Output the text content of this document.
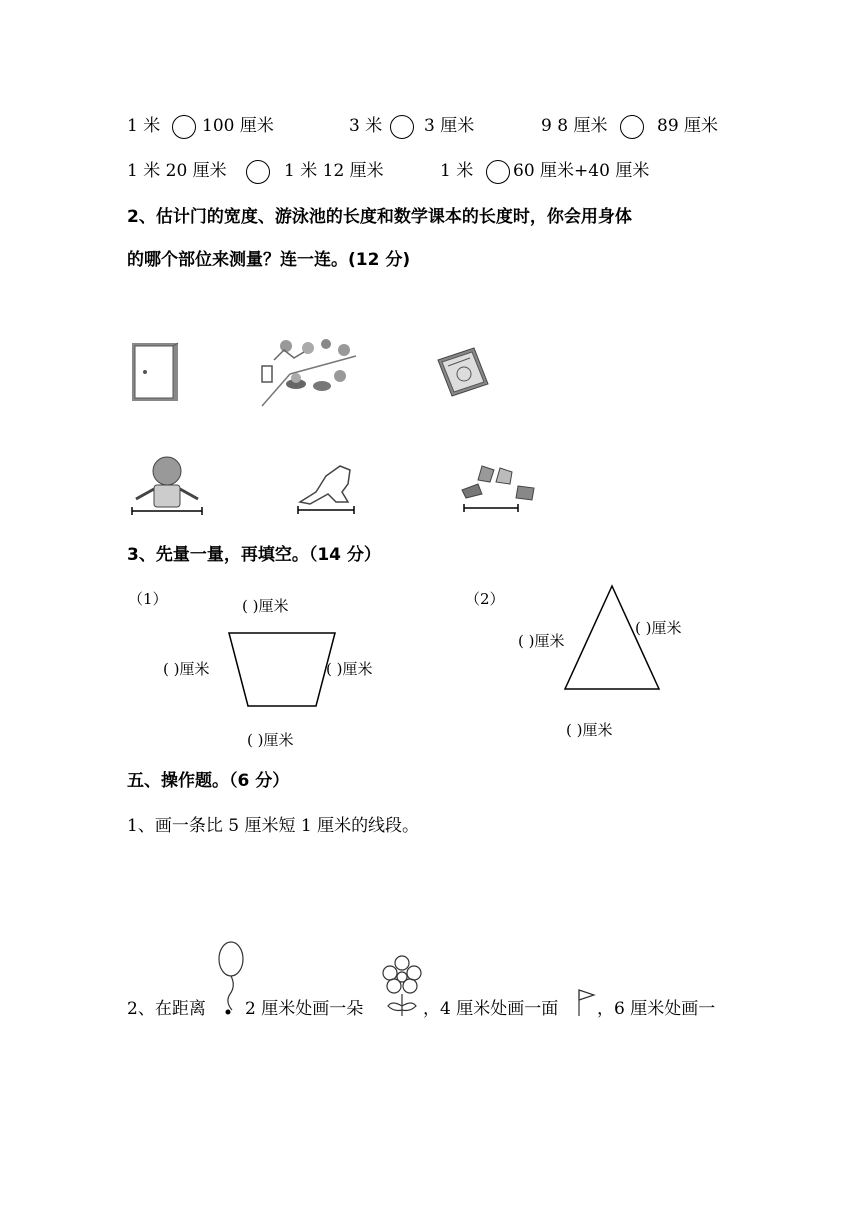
1 米 100 厘米	3 米 3 厘米	9 8 厘米	89 厘米
1 米 20 厘米	1 米 12 厘米	1 米 60 厘米+40 厘米
2、估计门的宽度、游泳池的长度和数学课本的长度时，你会用身体
的哪个部位来测量？连一连。(12 分)
3、先量一量，再填空。（14 分）
（1）	（2）
( )厘米
( )厘米	( )厘米
( )厘米
( )厘米
( )厘米
( )厘米
五、操作题。（6 分）
1、画一条比 5 厘米短 1 厘米的线段。
2、在距离 2 厘米处画一朵	，4 厘米处画一面 ，6 厘米处画一
